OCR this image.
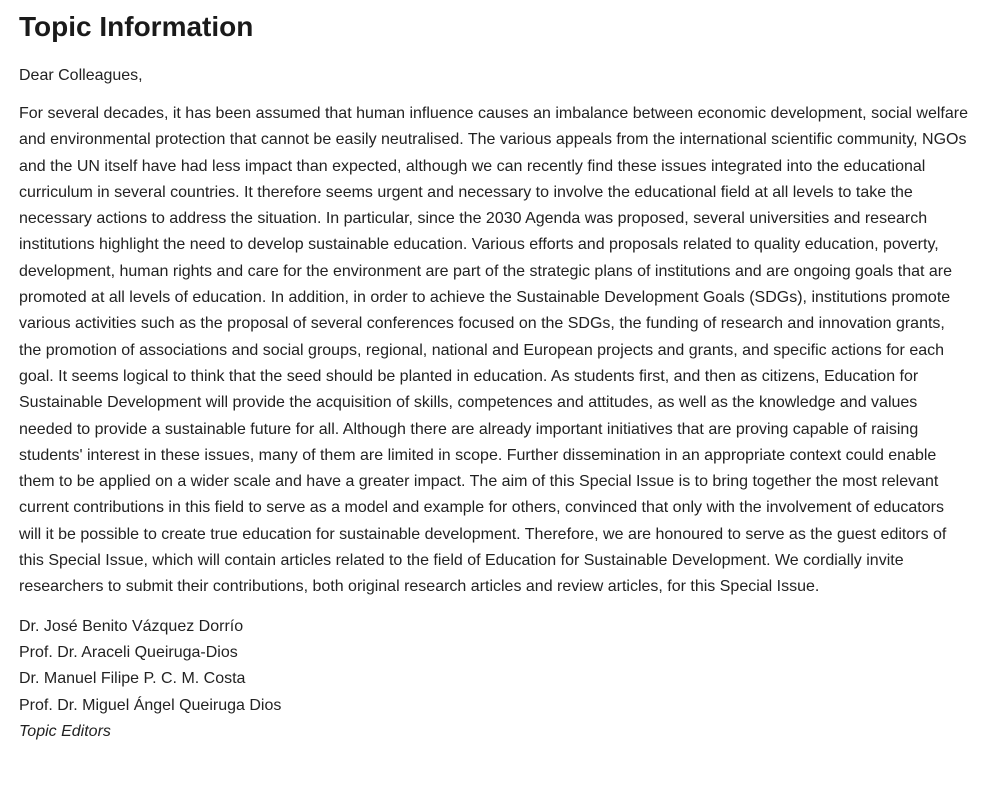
Topic Information

Dear Colleagues,

For several decades, it has been assumed that human influence causes an imbalance between economic development, social welfare and environmental protection that cannot be easily neutralised. The various appeals from the international scientific community, NGOs and the UN itself have had less impact than expected, although we can recently find these issues integrated into the educational curriculum in several countries. It therefore seems urgent and necessary to involve the educational field at all levels to take the necessary actions to address the situation. In particular, since the 2030 Agenda was proposed, several universities and research institutions highlight the need to develop sustainable education. Various efforts and proposals related to quality education, poverty, development, human rights and care for the environment are part of the strategic plans of institutions and are ongoing goals that are promoted at all levels of education. In addition, in order to achieve the Sustainable Development Goals (SDGs), institutions promote various activities such as the proposal of several conferences focused on the SDGs, the funding of research and innovation grants, the promotion of associations and social groups, regional, national and European projects and grants, and specific actions for each goal. It seems logical to think that the seed should be planted in education. As students first, and then as citizens, Education for Sustainable Development will provide the acquisition of skills, competences and attitudes, as well as the knowledge and values needed to provide a sustainable future for all. Although there are already important initiatives that are proving capable of raising students' interest in these issues, many of them are limited in scope. Further dissemination in an appropriate context could enable them to be applied on a wider scale and have a greater impact. The aim of this Special Issue is to bring together the most relevant current contributions in this field to serve as a model and example for others, convinced that only with the involvement of educators will it be possible to create true education for sustainable development. Therefore, we are honoured to serve as the guest editors of this Special Issue, which will contain articles related to the field of Education for Sustainable Development. We cordially invite researchers to submit their contributions, both original research articles and review articles, for this Special Issue.

Dr. José Benito Vázquez Dorrío
Prof. Dr. Araceli Queiruga-Dios
Dr. Manuel Filipe P. C. M. Costa
Prof. Dr. Miguel Ángel Queiruga Dios
Topic Editors
